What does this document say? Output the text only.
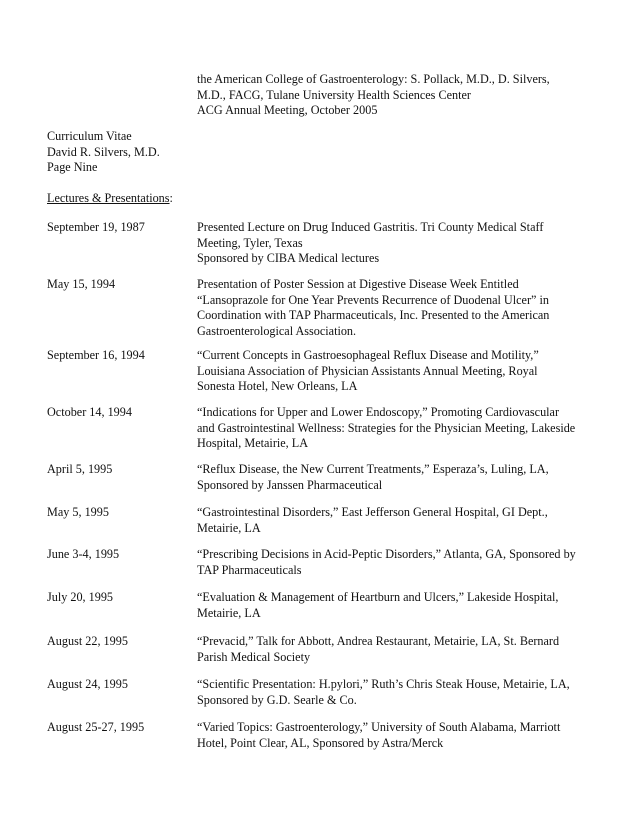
the American College of Gastroenterology: S. Pollack, M.D., D. Silvers,
M.D., FACG, Tulane University Health Sciences Center
ACG Annual Meeting, October 2005
Curriculum Vitae
David R. Silvers, M.D.
Page Nine
Lectures & Presentations:
September 19, 1987	Presented Lecture on Drug Induced Gastritis. Tri County Medical Staff
Meeting, Tyler, Texas
Sponsored by CIBA Medical lectures
May 15, 1994	Presentation of Poster Session at Digestive Disease Week Entitled
“Lansoprazole for One Year Prevents Recurrence of Duodenal Ulcer” in
Coordination with TAP Pharmaceuticals, Inc. Presented to the American
Gastroenterological Association.
September 16, 1994	“Current Concepts in Gastroesophageal Reflux Disease and Motility,”
Louisiana Association of Physician Assistants Annual Meeting, Royal
Sonesta Hotel, New Orleans, LA
October 14, 1994	“Indications for Upper and Lower Endoscopy,” Promoting Cardiovascular
and Gastrointestinal Wellness: Strategies for the Physician Meeting, Lakeside
Hospital, Metairie, LA
April 5, 1995	“Reflux Disease, the New Current Treatments,” Esperaza’s, Luling, LA,
Sponsored by Janssen Pharmaceutical
May 5, 1995	“Gastrointestinal Disorders,” East Jefferson General Hospital, GI Dept.,
Metairie, LA
June 3-4, 1995	“Prescribing Decisions in Acid-Peptic Disorders,” Atlanta, GA, Sponsored by
TAP Pharmaceuticals
July 20, 1995	“Evaluation & Management of Heartburn and Ulcers,” Lakeside Hospital,
Metairie, LA
August 22, 1995	“Prevacid,” Talk for Abbott, Andrea Restaurant, Metairie, LA, St. Bernard
Parish Medical Society
August 24, 1995	“Scientific Presentation: H.pylori,” Ruth’s Chris Steak House, Metairie, LA,
Sponsored by G.D. Searle & Co.
August 25-27, 1995	“Varied Topics: Gastroenterology,” University of South Alabama, Marriott
Hotel, Point Clear, AL, Sponsored by Astra/Merck
